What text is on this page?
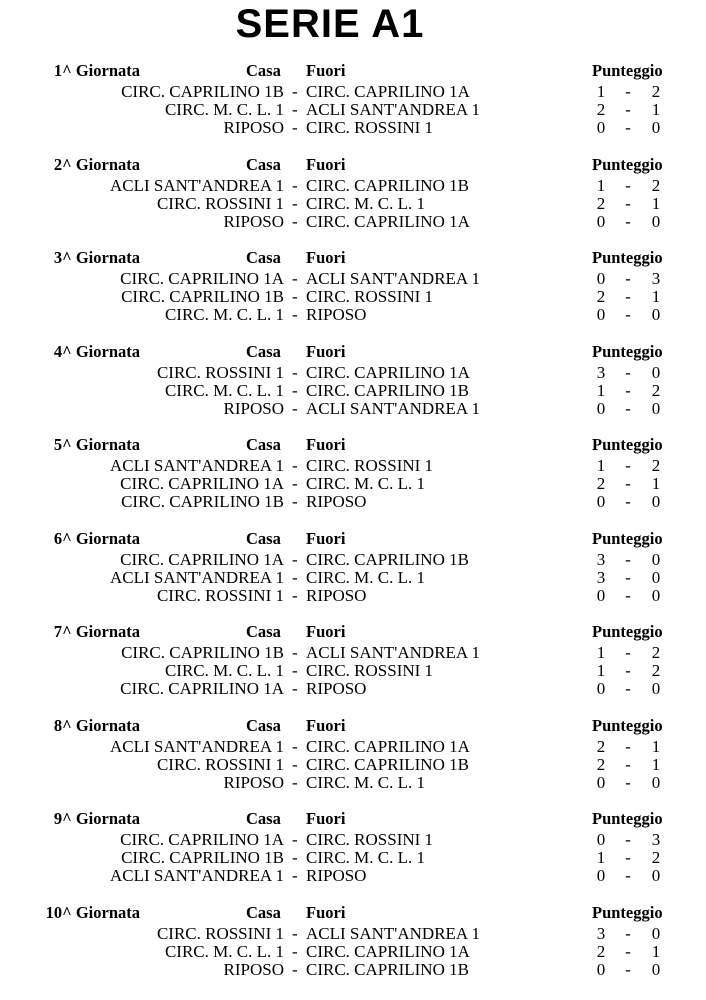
SERIE A1
1^ Giornata	Casa Fuori	Punteggio
CIRC. CAPRILINO 1B - CIRC. CAPRILINO 1A	1 - 2
CIRC. M. C. L. 1 - ACLI SANT'ANDREA 1	2 - 1
RIPOSO - CIRC. ROSSINI 1	0 - 0
2^ Giornata	Casa Fuori	Punteggio
ACLI SANT'ANDREA 1 - CIRC. CAPRILINO 1B	1 - 2
CIRC. ROSSINI 1 - CIRC. M. C. L. 1	2 - 1
RIPOSO - CIRC. CAPRILINO 1A	0 - 0
3^ Giornata	Casa Fuori	Punteggio
CIRC. CAPRILINO 1A - ACLI SANT'ANDREA 1	0 - 3
CIRC. CAPRILINO 1B - CIRC. ROSSINI 1	2 - 1
CIRC. M. C. L. 1 - RIPOSO	0 - 0
4^ Giornata	Casa Fuori	Punteggio
CIRC. ROSSINI 1 - CIRC. CAPRILINO 1A	3 - 0
CIRC. M. C. L. 1 - CIRC. CAPRILINO 1B	1 - 2
RIPOSO - ACLI SANT'ANDREA 1	0 - 0
5^ Giornata	Casa Fuori	Punteggio
ACLI SANT'ANDREA 1 - CIRC. ROSSINI 1	1 - 2
CIRC. CAPRILINO 1A - CIRC. M. C. L. 1	2 - 1
CIRC. CAPRILINO 1B - RIPOSO	0 - 0
6^ Giornata	Casa Fuori	Punteggio
CIRC. CAPRILINO 1A - CIRC. CAPRILINO 1B	3 - 0
ACLI SANT'ANDREA 1 - CIRC. M. C. L. 1	3 - 0
CIRC. ROSSINI 1 - RIPOSO	0 - 0
7^ Giornata	Casa Fuori	Punteggio
CIRC. CAPRILINO 1B - ACLI SANT'ANDREA 1	1 - 2
CIRC. M. C. L. 1 - CIRC. ROSSINI 1	1 - 2
CIRC. CAPRILINO 1A - RIPOSO	0 - 0
8^ Giornata	Casa Fuori	Punteggio
ACLI SANT'ANDREA 1 - CIRC. CAPRILINO 1A	2 - 1
CIRC. ROSSINI 1 - CIRC. CAPRILINO 1B	2 - 1
RIPOSO - CIRC. M. C. L. 1	0 - 0
9^ Giornata	Casa Fuori	Punteggio
CIRC. CAPRILINO 1A - CIRC. ROSSINI 1	0 - 3
CIRC. CAPRILINO 1B - CIRC. M. C. L. 1	1 - 2
ACLI SANT'ANDREA 1 - RIPOSO	0 - 0
10^ Giornata	Casa Fuori	Punteggio
CIRC. ROSSINI 1 - ACLI SANT'ANDREA 1	3 - 0
CIRC. M. C. L. 1 - CIRC. CAPRILINO 1A	2 - 1
RIPOSO - CIRC. CAPRILINO 1B	0 - 0
